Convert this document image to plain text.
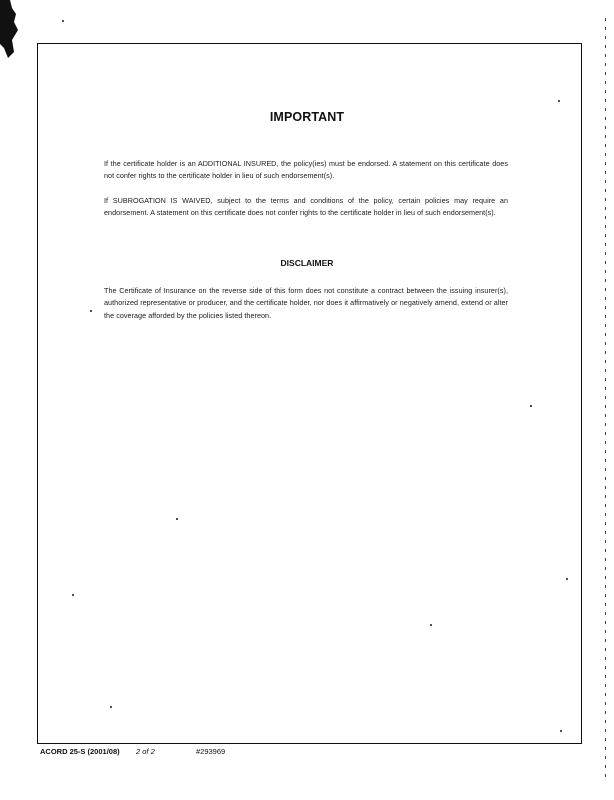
IMPORTANT
If the certificate holder is an ADDITIONAL INSURED, the policy(ies) must be endorsed. A statement on this certificate does not confer rights to the certificate holder in lieu of such endorsement(s).
If SUBROGATION IS WAIVED, subject to the terms and conditions of the policy, certain policies may require an endorsement. A statement on this certificate does not confer rights to the certificate holder in lieu of such endorsement(s).
DISCLAIMER
The Certificate of Insurance on the reverse side of this form does not constitute a contract between the issuing insurer(s), authorized representative or producer, and the certificate holder, nor does it affirmatively or negatively amend, extend or alter the coverage afforded by the policies listed thereon.
ACORD 25-S (2001/08) 2 of 2	#293969
